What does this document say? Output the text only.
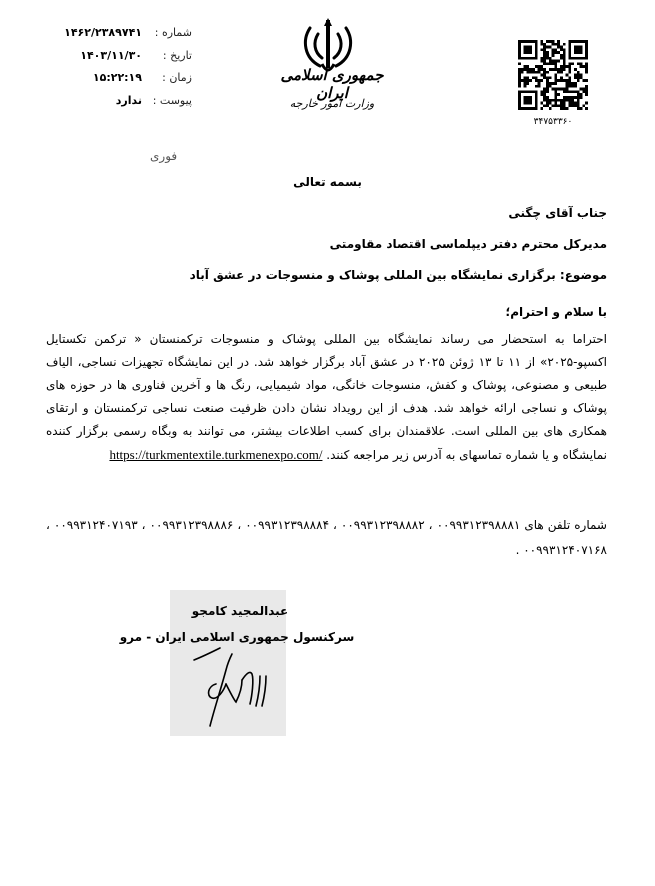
شماره :
۱۴۶۲/۲۳۸۹۷۴۱
تاریخ :
۱۴۰۳/۱۱/۳۰
زمان :
۱۵:۲۲:۱۹
پیوست :
ندارد
جمهوری اسلامی ایران
وزارت امور خارجه
۳۴۷۵۳۳۶۰
فوری
بسمه تعالی
جناب آقای چگنی
مدیرکل محترم دفتر دیپلماسی اقتصاد مقاومتی
موضوع: برگزاری نمایشگاه بین المللی پوشاک و منسوجات در عشق آباد
با سلام و احترام؛
احتراما به استحضار می رساند نمایشگاه بین المللی پوشاک و منسوجات ترکمنستان « ترکمن تکستایل اکسپو-۲۰۲۵» از ۱۱ تا ۱۳ ژوئن ۲۰۲۵ در عشق آباد برگزار خواهد شد. در این نمایشگاه تجهیزات نساجی، الیاف طبیعی و مصنوعی، پوشاک و کفش، منسوجات خانگی، مواد شیمیایی، رنگ ها و آخرین فناوری ها در حوزه های پوشاک و نساجی ارائه خواهد شد. هدف از این رویداد نشان دادن ظرفیت صنعت نساجی ترکمنستان و ارتقای همکاری های بین المللی است. علاقمندان برای کسب اطلاعات بیشتر، می توانند به وبگاه رسمی برگزار کننده نمایشگاه و یا شماره تماسهای به آدرس زیر مراجعه کنند. https://turkmentextile.turkmenexpo.com/
شماره تلفن های ۰۰۹۹۳۱۲۳۹۸۸۸۱ ، ۰۰۹۹۳۱۲۳۹۸۸۸۲ ، ۰۰۹۹۳۱۲۳۹۸۸۸۴ ، ۰۰۹۹۳۱۲۳۹۸۸۸۶ ، ۰۰۹۹۳۱۲۴۰۷۱۹۳ ، ۰۰۹۹۳۱۲۴۰۷۱۶۸ .
عبدالمجید کامجو
سرکنسول جمهوری اسلامی ایران - مرو
